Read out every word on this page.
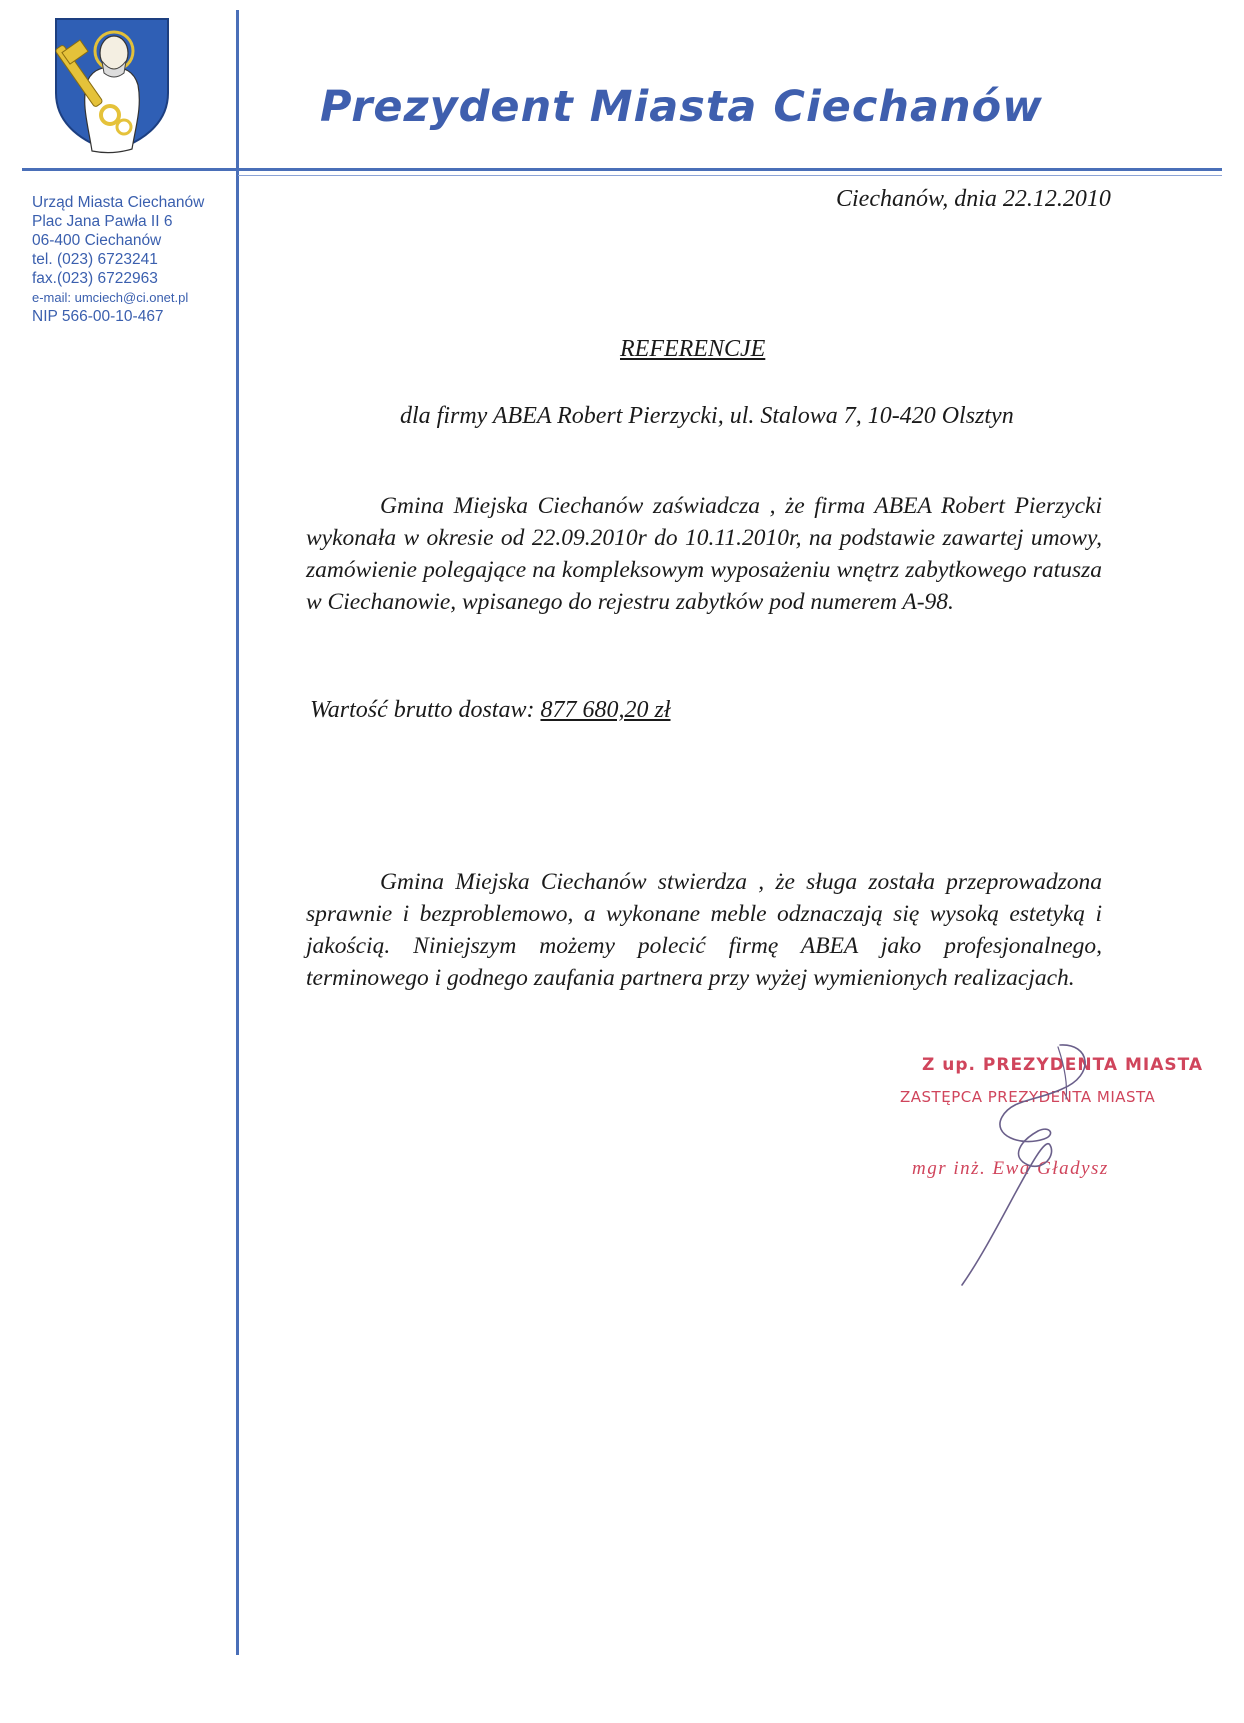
Prezydent Miasta Ciechanów
Urząd Miasta Ciechanów
Plac Jana Pawła II 6
06-400 Ciechanów
tel. (023) 6723241
fax.(023) 6722963
e-mail: umciech@ci.onet.pl
NIP 566-00-10-467
Ciechanów, dnia 22.12.2010
REFERENCJE
dla firmy ABEA Robert Pierzycki, ul. Stalowa 7, 10-420 Olsztyn
Gmina Miejska Ciechanów zaświadcza , że firma ABEA Robert Pierzycki wykonała w okresie od 22.09.2010r do 10.11.2010r, na podstawie zawartej umowy, zamówienie polegające na kompleksowym wyposażeniu wnętrz zabytkowego ratusza w Ciechanowie, wpisanego do rejestru zabytków pod numerem A-98.
Wartość brutto dostaw: 877 680,20 zł
Gmina Miejska Ciechanów stwierdza , że sługa została przeprowadzona sprawnie i bezproblemowo, a wykonane meble odznaczają się wysoką estetyką i jakością. Niniejszym możemy polecić firmę ABEA jako profesjonalnego, terminowego i godnego zaufania partnera przy wyżej wymienionych realizacjach.
Z up. PREZYDENTA MIASTA
ZASTĘPCA PREZYDENTA MIASTA
mgr inż. Ewa Gładysz
